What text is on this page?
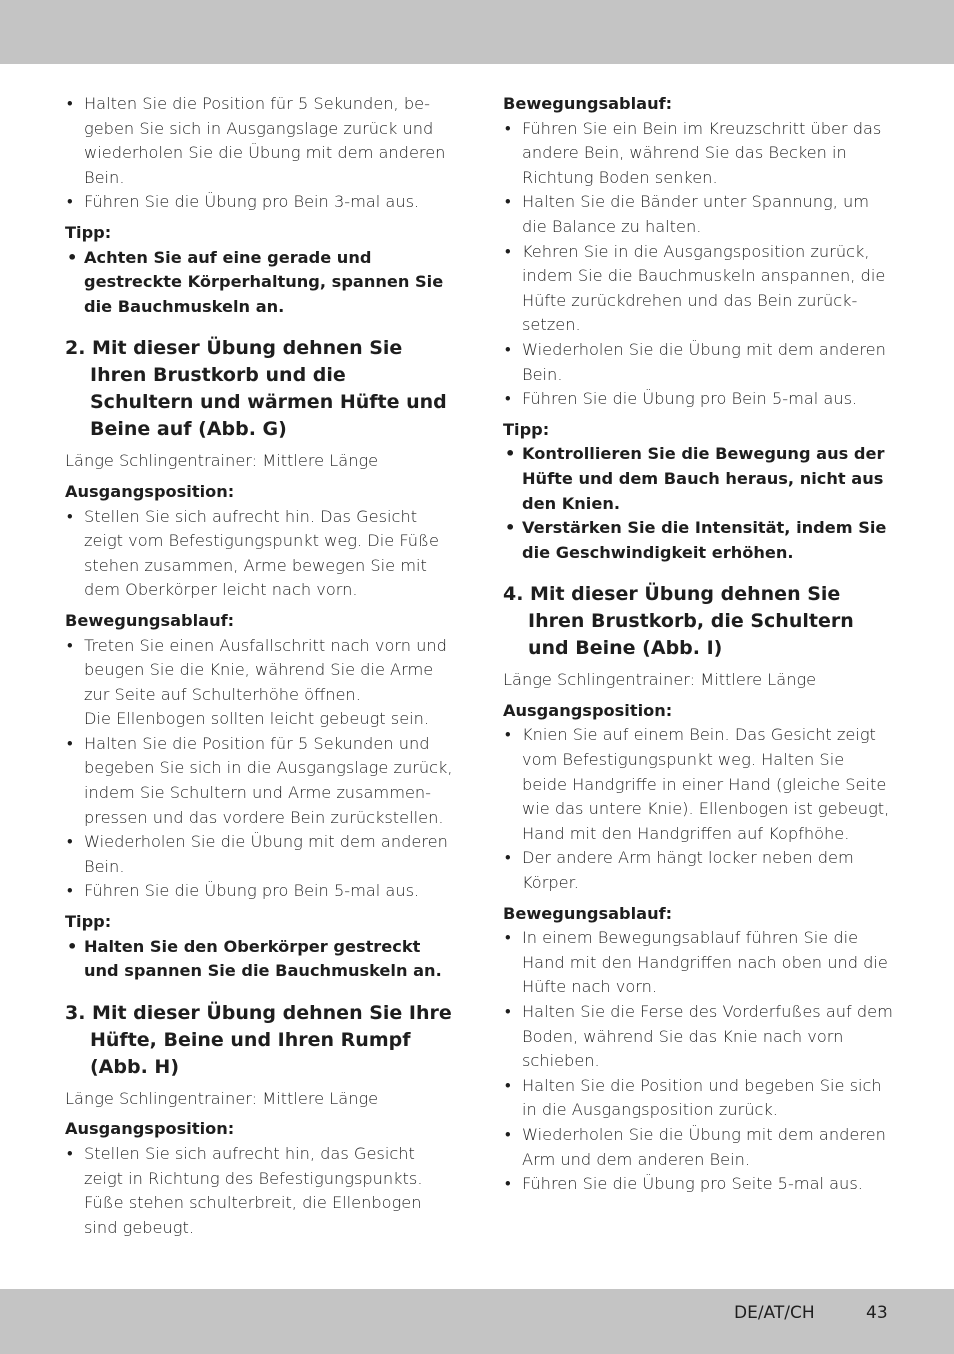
• Halten Sie die Position für 5 Sekunden, be-geben Sie sich in Ausgangslage zurück und wiederholen Sie die Übung mit dem anderen Bein.
• Führen Sie die Übung pro Bein 3-mal aus.

Tipp:

• Achten Sie auf eine gerade und gestreckte Körperhaltung, spannen Sie die Bauchmuskeln an.

2. Mit dieser Übung dehnen Sie Ihren Brustkorb und die Schultern und wärmen Hüfte und Beine auf (Abb. G)

Länge Schlingentrainer: Mittlere Länge

Ausgangsposition:

• Stellen Sie sich aufrecht hin. Das Gesicht zeigt vom Befestigungspunkt weg. Die Füße stehen zusammen, Arme bewegen Sie mit dem Oberkörper leicht nach vorn.

Bewegungsablauf:

• Treten Sie einen Ausfallschritt nach vorn und beugen Sie die Knie, während Sie die Arme zur Seite auf Schulterhöhe öffnen.
Die Ellenbogen sollten leicht gebeugt sein.
• Halten Sie die Position für 5 Sekunden und begeben Sie sich in die Ausgangslage zurück, indem Sie Schultern und Arme zusammen-pressen und das vordere Bein zurückstellen.
• Wiederholen Sie die Übung mit dem anderen Bein.
• Führen Sie die Übung pro Bein 5-mal aus.

Tipp:

• Halten Sie den Oberkörper gestreckt und spannen Sie die Bauchmuskeln an.

3. Mit dieser Übung dehnen Sie Ihre Hüfte, Beine und Ihren Rumpf (Abb. H)

Länge Schlingentrainer: Mittlere Länge

Ausgangsposition:

• Stellen Sie sich aufrecht hin, das Gesicht zeigt in Richtung des Befestigungspunkts.
Füße stehen schulterbreit, die Ellenbogen sind gebeugt.

Bewegungsablauf:

• Führen Sie ein Bein im Kreuzschritt über das andere Bein, während Sie das Becken in Richtung Boden senken.
• Halten Sie die Bänder unter Spannung, um die Balance zu halten.
• Kehren Sie in die Ausgangsposition zurück, indem Sie die Bauchmuskeln anspannen, die Hüfte zurückdrehen und das Bein zurück-setzen.
• Wiederholen Sie die Übung mit dem anderen Bein.
• Führen Sie die Übung pro Bein 5-mal aus.

Tipp:

• Kontrollieren Sie die Bewegung aus der Hüfte und dem Bauch heraus, nicht aus den Knien.
• Verstärken Sie die Intensität, indem Sie die Geschwindigkeit erhöhen.

4. Mit dieser Übung dehnen Sie Ihren Brustkorb, die Schultern und Beine (Abb. I)

Länge Schlingentrainer: Mittlere Länge

Ausgangsposition:

• Knien Sie auf einem Bein. Das Gesicht zeigt vom Befestigungspunkt weg. Halten Sie beide Handgriffe in einer Hand (gleiche Seite wie das untere Knie). Ellenbogen ist gebeugt, Hand mit den Handgriffen auf Kopfhöhe.
• Der andere Arm hängt locker neben dem Körper.

Bewegungsablauf:

• In einem Bewegungsablauf führen Sie die Hand mit den Handgriffen nach oben und die Hüfte nach vorn.
• Halten Sie die Ferse des Vorderfußes auf dem Boden, während Sie das Knie nach vorn schieben.
• Halten Sie die Position und begeben Sie sich in die Ausgangsposition zurück.
• Wiederholen Sie die Übung mit dem anderen Arm und dem anderen Bein.
• Führen Sie die Übung pro Seite 5-mal aus.
DE/AT/CH	43
